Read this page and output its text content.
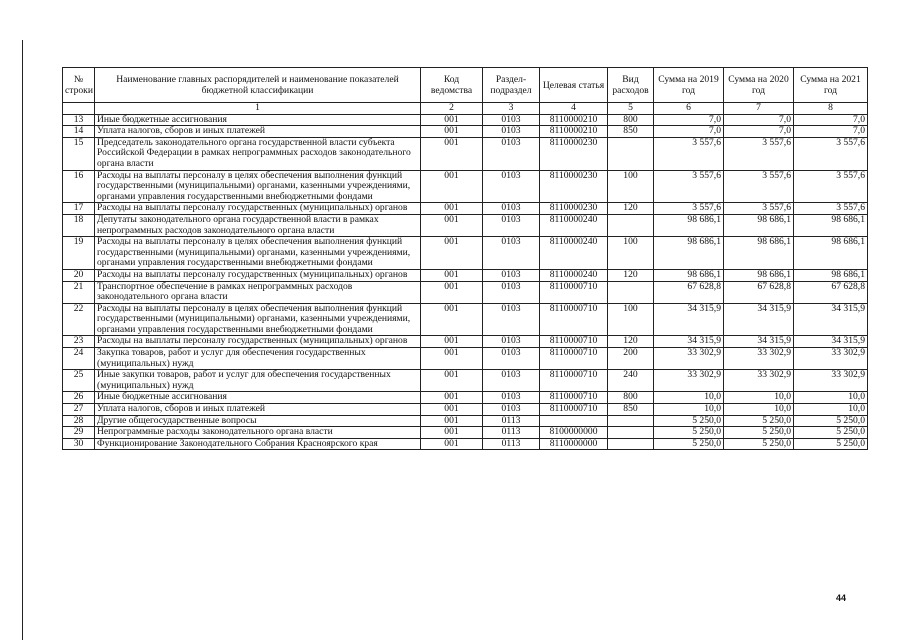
№ строки	Наименование главных распорядителей и наименование показателей бюджетной классификации	Код ведомства	Раздел-подраздел	Целевая статья	Вид расходов	Сумма на 2019 год	Сумма на 2020 год	Сумма на 2021 год
	1	2	3	4	5	6	7	8
13	Иные бюджетные ассигнования	001	0103	8110000210	800	7,0	7,0	7,0
14	Уплата налогов, сборов и иных платежей	001	0103	8110000210	850	7,0	7,0	7,0
15	Председатель законодательного органа государственной власти субъекта Российской Федерации в рамках непрограммных расходов законодательного органа власти	001	0103	8110000230		3 557,6	3 557,6	3 557,6
16	Расходы на выплаты персоналу в целях обеспечения выполнения функций государственными (муниципальными) органами, казенными учреждениями, органами управления государственными внебюджетными фондами	001	0103	8110000230	100	3 557,6	3 557,6	3 557,6
17	Расходы на выплаты персоналу государственных (муниципальных) органов	001	0103	8110000230	120	3 557,6	3 557,6	3 557,6
18	Депутаты законодательного органа государственной власти в рамках непрограммных расходов законодательного органа власти	001	0103	8110000240		98 686,1	98 686,1	98 686,1
19	Расходы на выплаты персоналу в целях обеспечения выполнения функций государственными (муниципальными) органами, казенными учреждениями, органами управления государственными внебюджетными фондами	001	0103	8110000240	100	98 686,1	98 686,1	98 686,1
20	Расходы на выплаты персоналу государственных (муниципальных) органов	001	0103	8110000240	120	98 686,1	98 686,1	98 686,1
21	Транспортное обеспечение в рамках непрограммных расходов законодательного органа власти	001	0103	8110000710		67 628,8	67 628,8	67 628,8
22	Расходы на выплаты персоналу в целях обеспечения выполнения функций государственными (муниципальными) органами, казенными учреждениями, органами управления государственными внебюджетными фондами	001	0103	8110000710	100	34 315,9	34 315,9	34 315,9
23	Расходы на выплаты персоналу государственных (муниципальных) органов	001	0103	8110000710	120	34 315,9	34 315,9	34 315,9
24	Закупка товаров, работ и услуг для обеспечения государственных (муниципальных) нужд	001	0103	8110000710	200	33 302,9	33 302,9	33 302,9
25	Иные закупки товаров, работ и услуг для обеспечения государственных (муниципальных) нужд	001	0103	8110000710	240	33 302,9	33 302,9	33 302,9
26	Иные бюджетные ассигнования	001	0103	8110000710	800	10,0	10,0	10,0
27	Уплата налогов, сборов и иных платежей	001	0103	8110000710	850	10,0	10,0	10,0
28	Другие общегосударственные вопросы	001	0113			5 250,0	5 250,0	5 250,0
29	Непрограммные расходы законодательного органа власти	001	0113	8100000000		5 250,0	5 250,0	5 250,0
30	Функционирование Законодательного Собрания Красноярского края	001	0113	8110000000		5 250,0	5 250,0	5 250,0
44
